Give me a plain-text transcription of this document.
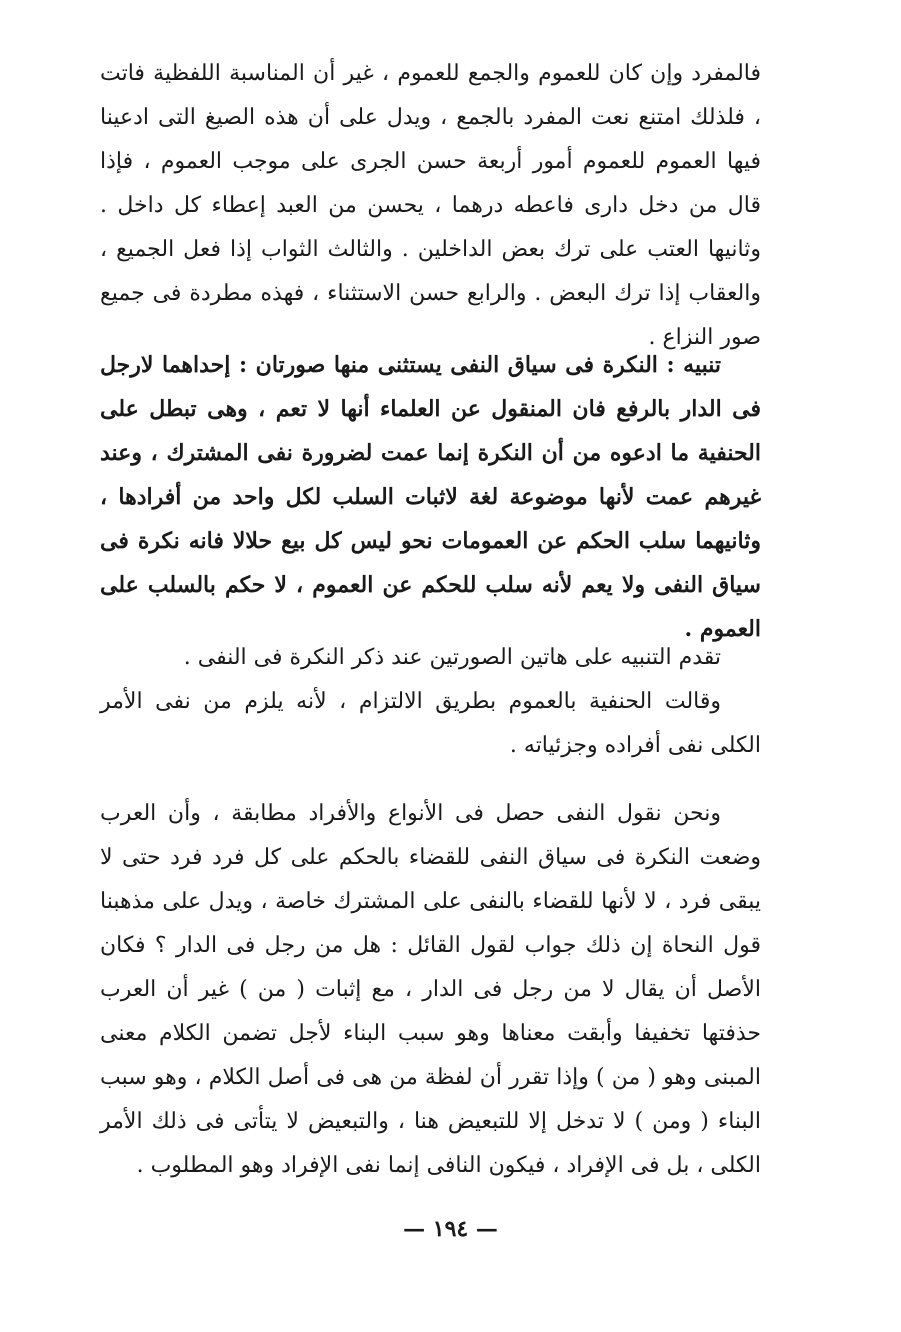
فالمفرد وإن كان للعموم والجمع للعموم ، غير أن المناسبة اللفظية فاتت ، فلذلك امتنع نعت المفرد بالجمع ، ويدل على أن هذه الصيغ التى ادعينا فيها العموم للعموم أمور أربعة حسن الجرى على موجب العموم ، فإذا قال من دخل دارى فاعطه درهما ، يحسن من العبد إعطاء كل داخل . وثانيها العتب على ترك بعض الداخلين . والثالث الثواب إذا فعل الجميع ، والعقاب إذا ترك البعض . والرابع حسن الاستثناء ، فهذه مطردة فى جميع صور النزاع .

تنبيه : النكرة فى سياق النفى يستثنى منها صورتان : إحداهما لارجل فى الدار بالرفع فان المنقول عن العلماء أنها لا تعم ، وهى تبطل على الحنفية ما ادعوه من أن النكرة إنما عمت لضرورة نفى المشترك ، وعند غيرهم عمت لأنها موضوعة لغة لاثبات السلب لكل واحد من أفرادها ، وثانيهما سلب الحكم عن العمومات نحو ليس كل بيع حلالا فانه نكرة فى سياق النفى ولا يعم لأنه سلب للحكم عن العموم ، لا حكم بالسلب على العموم .

تقدم التنبيه على هاتين الصورتين عند ذكر النكرة فى النفى .

وقالت الحنفية بالعموم بطريق الالتزام ، لأنه يلزم من نفى الأمر الكلى نفى أفراده وجزئياته .

ونحن نقول النفى حصل فى الأنواع والأفراد مطابقة ، وأن العرب وضعت النكرة فى سياق النفى للقضاء بالحكم على كل فرد فرد حتى لا يبقى فرد ، لا لأنها للقضاء بالنفى على المشترك خاصة ، ويدل على مذهبنا قول النحاة إن ذلك جواب لقول القائل : هل من رجل فى الدار ؟ فكان الأصل أن يقال لا من رجل فى الدار ، مع إثبات ( من ) غير أن العرب حذفتها تخفيفا وأبقت معناها وهو سبب البناء لأجل تضمن الكلام معنى المبنى وهو ( من ) وإذا تقرر أن لفظة من هى فى أصل الكلام ، وهو سبب البناء ( ومن ) لا تدخل إلا للتبعيض هنا ، والتبعيض لا يتأتى فى ذلك الأمر الكلى ، بل فى الإفراد ، فيكون النافى إنما نفى الإفراد وهو المطلوب .

— ١٩٤ —
